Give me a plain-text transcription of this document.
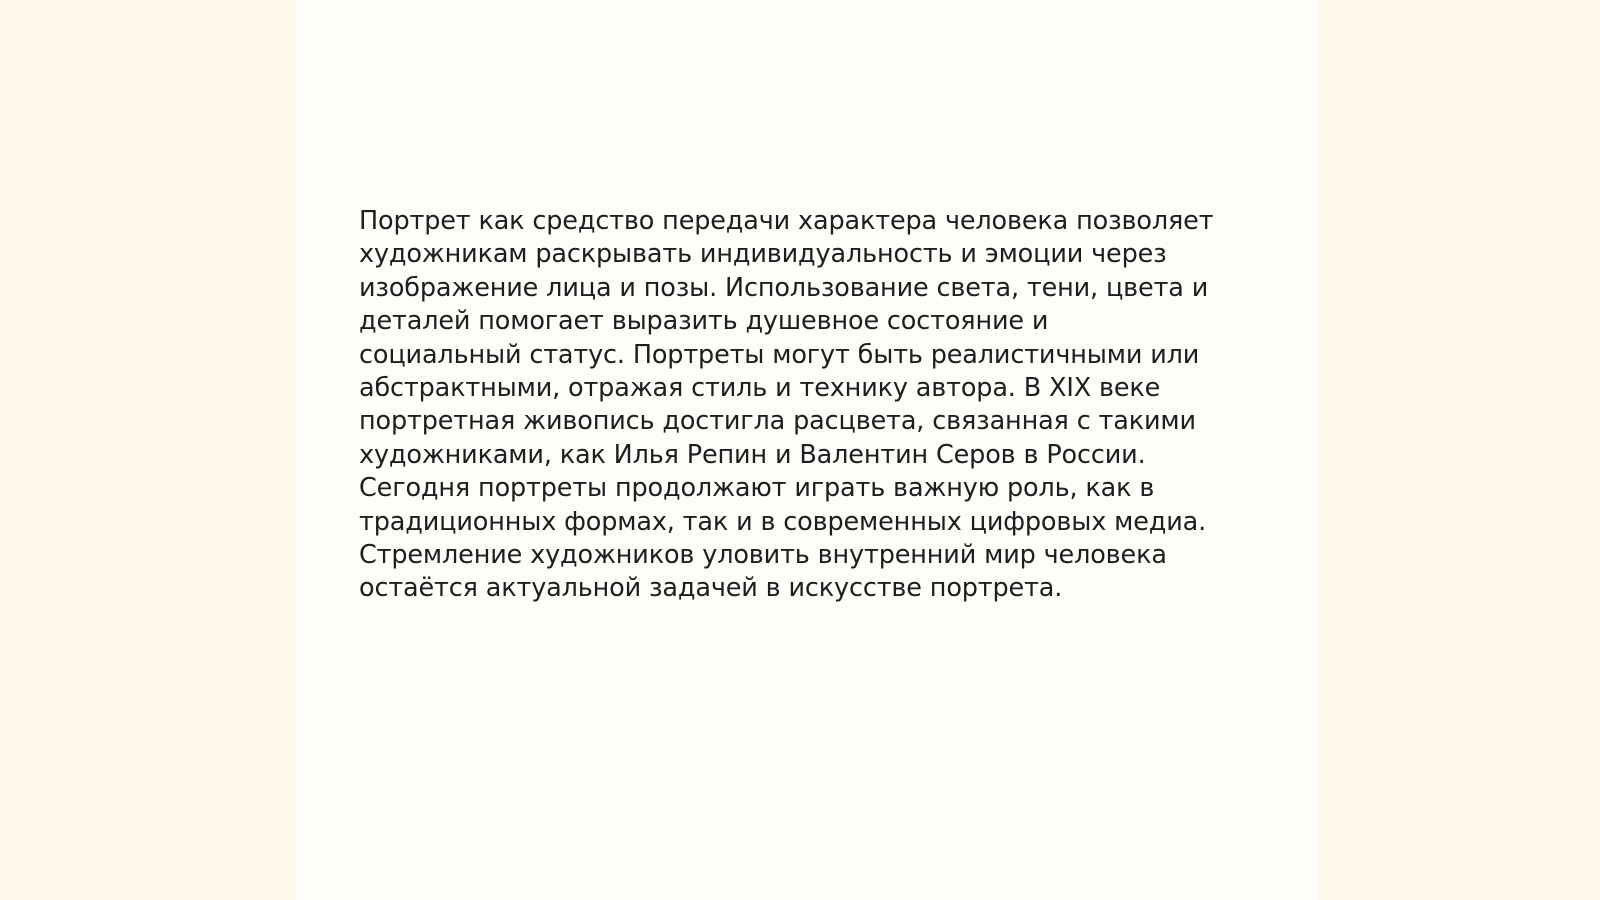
Портрет как средство передачи характера человека позволяет
художникам раскрывать индивидуальность и эмоции через
изображение лица и позы. Использование света, тени, цвета и
деталей помогает выразить душевное состояние и
социальный статус. Портреты могут быть реалистичными или
абстрактными, отражая стиль и технику автора. В XIX веке
портретная живопись достигла расцвета, связанная с такими
художниками, как Илья Репин и Валентин Серов в России.
Сегодня портреты продолжают играть важную роль, как в
традиционных формах, так и в современных цифровых медиа.
Стремление художников уловить внутренний мир человека
остаётся актуальной задачей в искусстве портрета.
